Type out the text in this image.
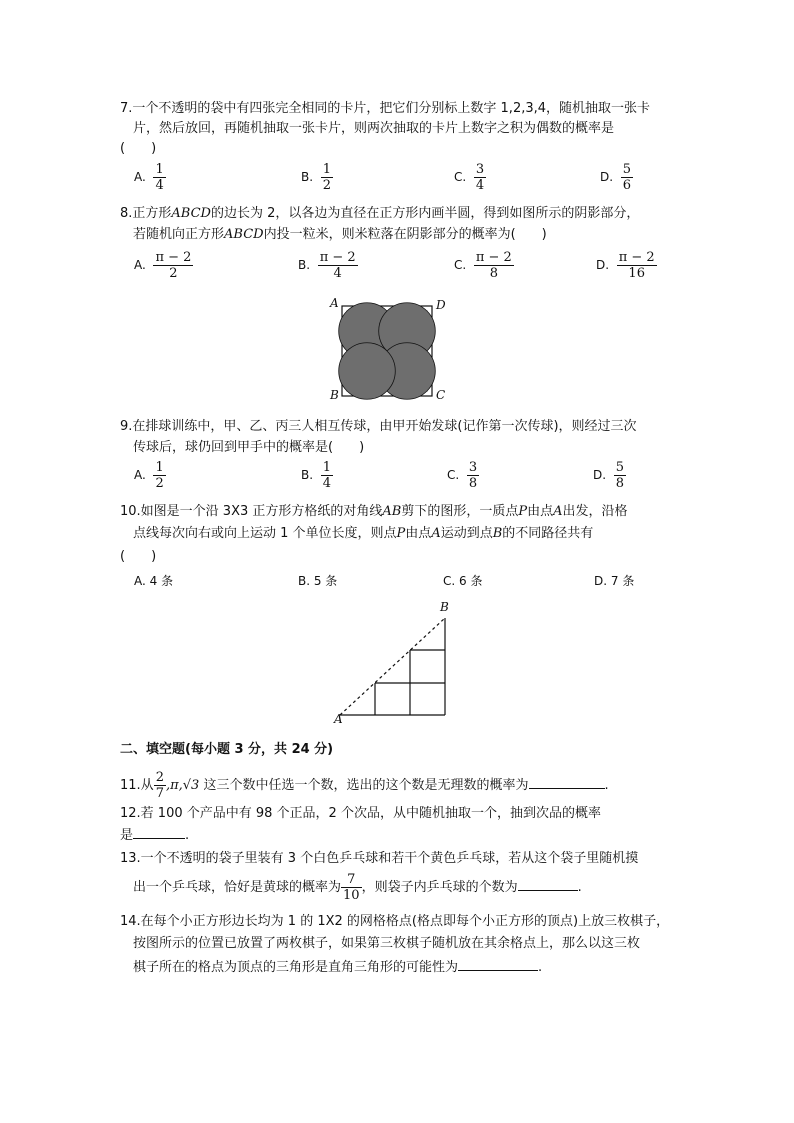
7.一个不透明的袋中有四张完全相同的卡片，把它们分别标上数字 1,2,3,4，随机抽取一张卡
片，然后放回，再随机抽取一张卡片，则两次抽取的卡片上数字之积为偶数的概率是
(　　)
A. $\frac{1}{4}$	B. $\frac{1}{2}$	C. $\frac{3}{4}$	D. $\frac{5}{6}$
8.正方形ABCD的边长为 2，以各边为直径在正方形内画半圆，得到如图所示的阴影部分，
若随机向正方形ABCD内投一粒米，则米粒落在阴影部分的概率为(　　)
A. $\frac{\pi - 2}{2}$	B. $\frac{\pi - 2}{4}$	C. $\frac{\pi - 2}{8}$	D. $\frac{\pi - 2}{16}$
A	D
B	C
9.在排球训练中，甲、乙、丙三人相互传球，由甲开始发球(记作第一次传球)，则经过三次
传球后，球仍回到甲手中的概率是(　　)
A. $\frac{1}{2}$	B. $\frac{1}{4}$	C. $\frac{3}{8}$	D. $\frac{5}{8}$
10.如图是一个沿 3X3 正方形方格纸的对角线AB剪下的图形，一质点P由点A出发，沿格
点线每次向右或向上运动 1 个单位长度，则点P由点A运动到点B的不同路径共有
(　　)
A. 4 条	B. 5 条	C. 6 条	D. 7 条
A
B
二、填空题(每小题 3 分，共 24 分)
11.从 $\frac{2}{7} ,\pi,√3$ 这三个数中任选一个数，选出的这个数是无理数的概率为	.
12.若 100 个产品中有 98 个正品，2 个次品，从中随机抽取一个，抽到次品的概率
是	.
13.一个不透明的袋子里装有 3 个白色乒乓球和若干个黄色乒乓球，若从这个袋子里随机摸
出一个乒乓球，恰好是黄球的概率为 $\frac{7}{10}$ ，则袋子内乒乓球的个数为	.
14.在每个小正方形边长均为 1 的 1X2 的网格格点(格点即每个小正方形的顶点)上放三枚棋子，
按图所示的位置已放置了两枚棋子，如果第三枚棋子随机放在其余格点上，那么以这三枚
棋子所在的格点为顶点的三角形是直角三角形的可能性为	.
